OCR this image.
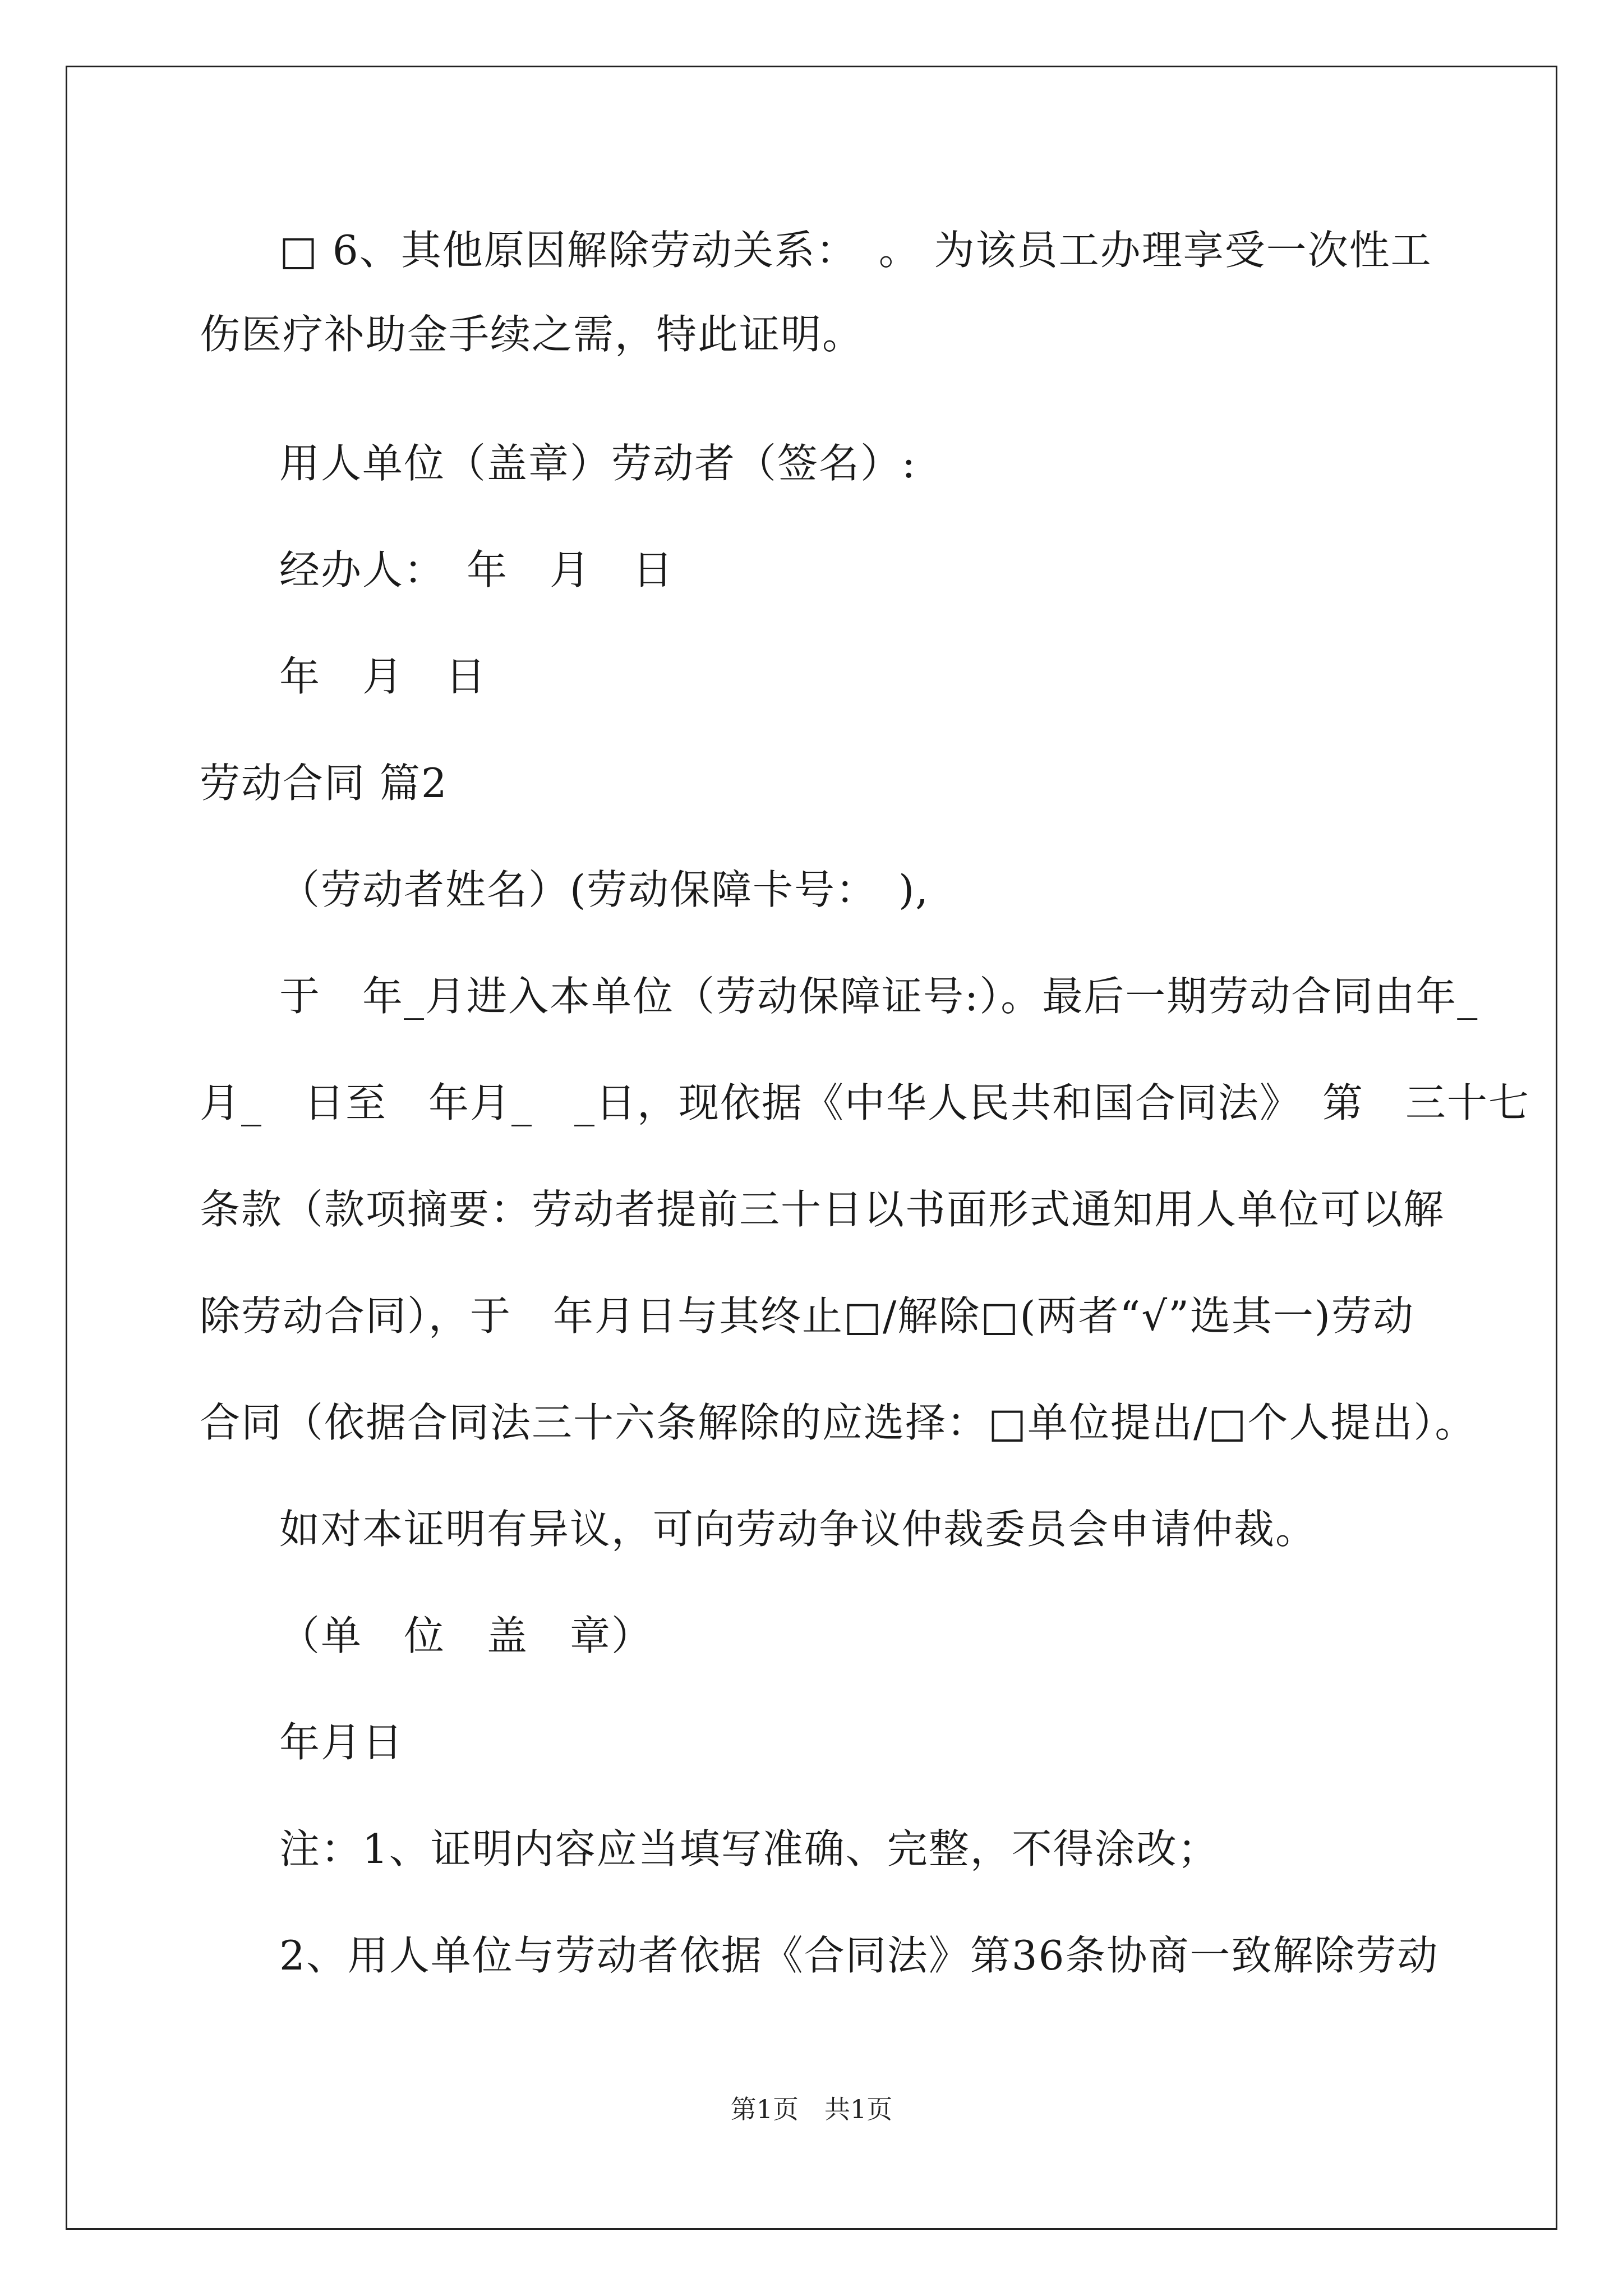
□ 6、其他原因解除劳动关系：　。 为该员工办理享受一次性工
伤医疗补助金手续之需，特此证明。
用人单位（盖章）劳动者（签名）:
经办人：　年　月　日
年　月　日
劳动合同 篇2
（劳动者姓名）(劳动保障卡号：　),
于　年_月进入本单位（劳动保障证号:）。最后一期劳动合同由年_
月_　日至　年月_　_日，现依据《中华人民共和国合同法》　第　三十七
条款（款项摘要：劳动者提前三十日以书面形式通知用人单位可以解
除劳动合同），于　年月日与其终止□/解除□(两者“√”选其一)劳动
合同（依据合同法三十六条解除的应选择：□单位提出/□个人提出）。
如对本证明有异议，可向劳动争议仲裁委员会申请仲裁。
（单　位　盖　章）
年月日
注：1、证明内容应当填写准确、完整，不得涂改；
2、用人单位与劳动者依据《合同法》第36条协商一致解除劳动
第1页　共1页
